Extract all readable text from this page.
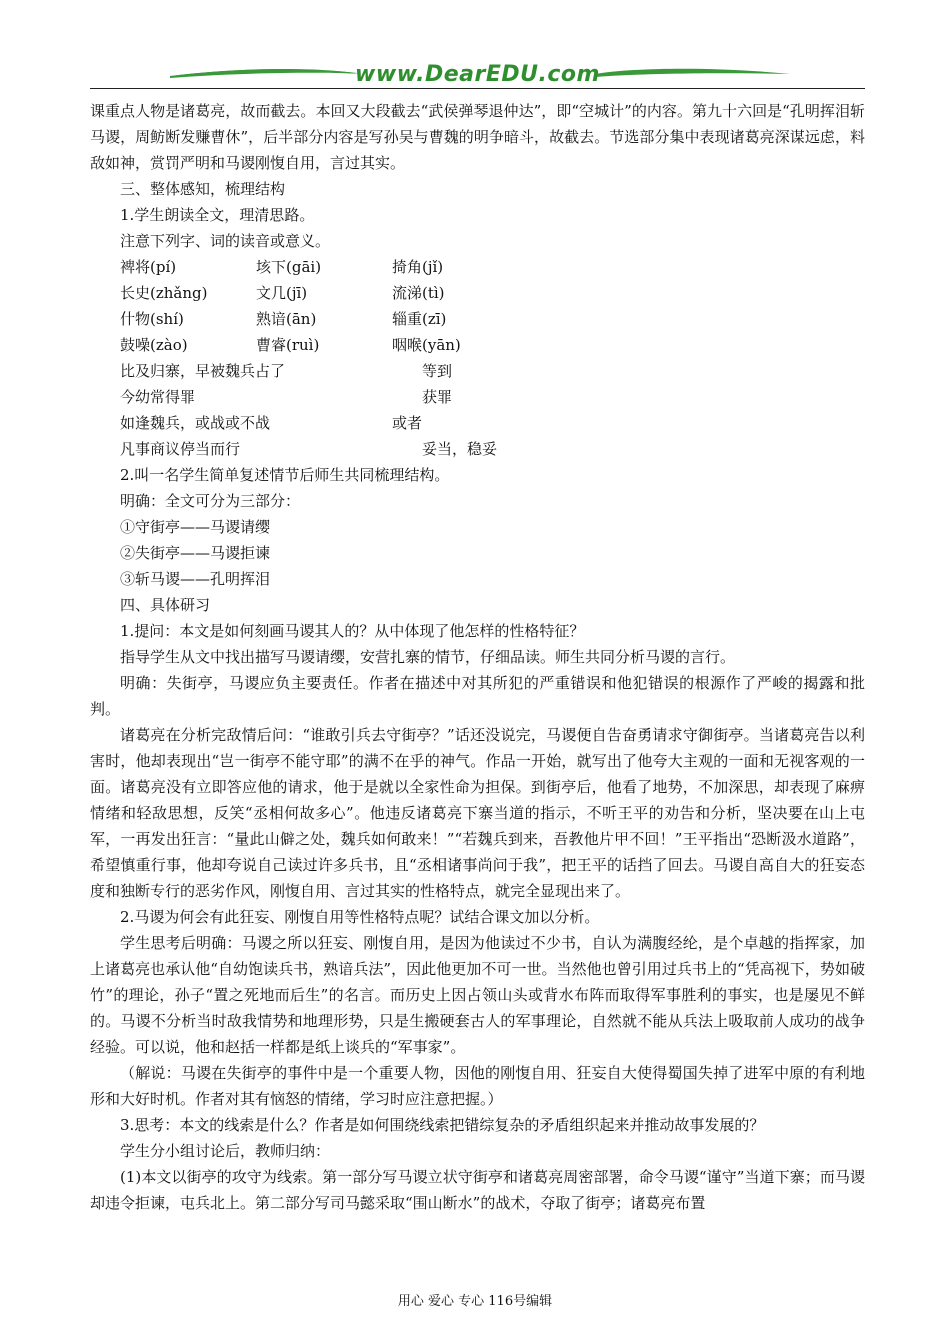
www.DearEDU.com

课重点人物是诸葛亮，故而截去。本回又大段截去“武侯弹琴退仲达”，即“空城计”的内容。第九十六回是“孔明挥泪斩马谡，周鲂断发赚曹休”，后半部分内容是写孙吴与曹魏的明争暗斗，故截去。节选部分集中表现诸葛亮深谋远虑，料敌如神，赏罚严明和马谡刚愎自用，言过其实。

三、整体感知，梳理结构

1.学生朗读全文，理清思路。

注意下列字、词的读音或意义。

裨将(pí)	垓下(gāi)	掎角(jǐ)
长史(zhǎng)	文几(jī)	流涕(tì)
什物(shí)	熟谙(ān)	辎重(zī)
鼓噪(zào)	曹睿(ruì)	咽喉(yān)
比及归寨，早被魏兵占了	等到
今幼常得罪	获罪
如逢魏兵，或战或不战	或者
凡事商议停当而行	妥当，稳妥

2.叫一名学生简单复述情节后师生共同梳理结构。

明确：全文可分为三部分：

①守街亭——马谡请缨

②失街亭——马谡拒谏

③斩马谡——孔明挥泪

四、具体研习

1.提问：本文是如何刻画马谡其人的？从中体现了他怎样的性格特征？

指导学生从文中找出描写马谡请缨，安营扎寨的情节，仔细品读。师生共同分析马谡的言行。

明确：失街亭，马谡应负主要责任。作者在描述中对其所犯的严重错误和他犯错误的根源作了严峻的揭露和批判。

诸葛亮在分析完敌情后问：“谁敢引兵去守街亭？”话还没说完，马谡便自告奋勇请求守御街亭。当诸葛亮告以利害时，他却表现出“岂一街亭不能守耶”的满不在乎的神气。作品一开始，就写出了他夸大主观的一面和无视客观的一面。诸葛亮没有立即答应他的请求，他于是就以全家性命为担保。到街亭后，他看了地势，不加深思，却表现了麻痹情绪和轻敌思想，反笑“丞相何故多心”。他违反诸葛亮下寨当道的指示，不听王平的劝告和分析，坚决要在山上屯军，一再发出狂言：“量此山僻之处，魏兵如何敢来！”“若魏兵到来，吾教他片甲不回！”王平指出“恐断汲水道路”，希望慎重行事，他却夸说自己读过许多兵书，且“丞相诸事尚问于我”，把王平的话挡了回去。马谡自高自大的狂妄态度和独断专行的恶劣作风，刚愎自用、言过其实的性格特点，就完全显现出来了。

2.马谡为何会有此狂妄、刚愎自用等性格特点呢？试结合课文加以分析。

学生思考后明确：马谡之所以狂妄、刚愎自用，是因为他读过不少书，自认为满腹经纶，是个卓越的指挥家，加上诸葛亮也承认他“自幼饱读兵书，熟谙兵法”，因此他更加不可一世。当然他也曾引用过兵书上的“凭高视下，势如破竹”的理论，孙子“置之死地而后生”的名言。而历史上因占领山头或背水布阵而取得军事胜利的事实，也是屡见不鲜的。马谡不分析当时敌我情势和地理形势，只是生搬硬套古人的军事理论，自然就不能从兵法上吸取前人成功的战争经验。可以说，他和赵括一样都是纸上谈兵的“军事家”。

（解说：马谡在失街亭的事件中是一个重要人物，因他的刚愎自用、狂妄自大使得蜀国失掉了进军中原的有利地形和大好时机。作者对其有恼怒的情绪，学习时应注意把握。）

3.思考：本文的线索是什么？作者是如何围绕线索把错综复杂的矛盾组织起来并推动故事发展的？

学生分小组讨论后，教师归纳：

(1)本文以街亭的攻守为线索。第一部分写马谡立状守街亭和诸葛亮周密部署，命令马谡“谨守”当道下寨；而马谡却违令拒谏，屯兵北上。第二部分写司马懿采取“围山断水”的战术，夺取了街亭；诸葛亮布置

用心 爱心 专心 116号编辑
